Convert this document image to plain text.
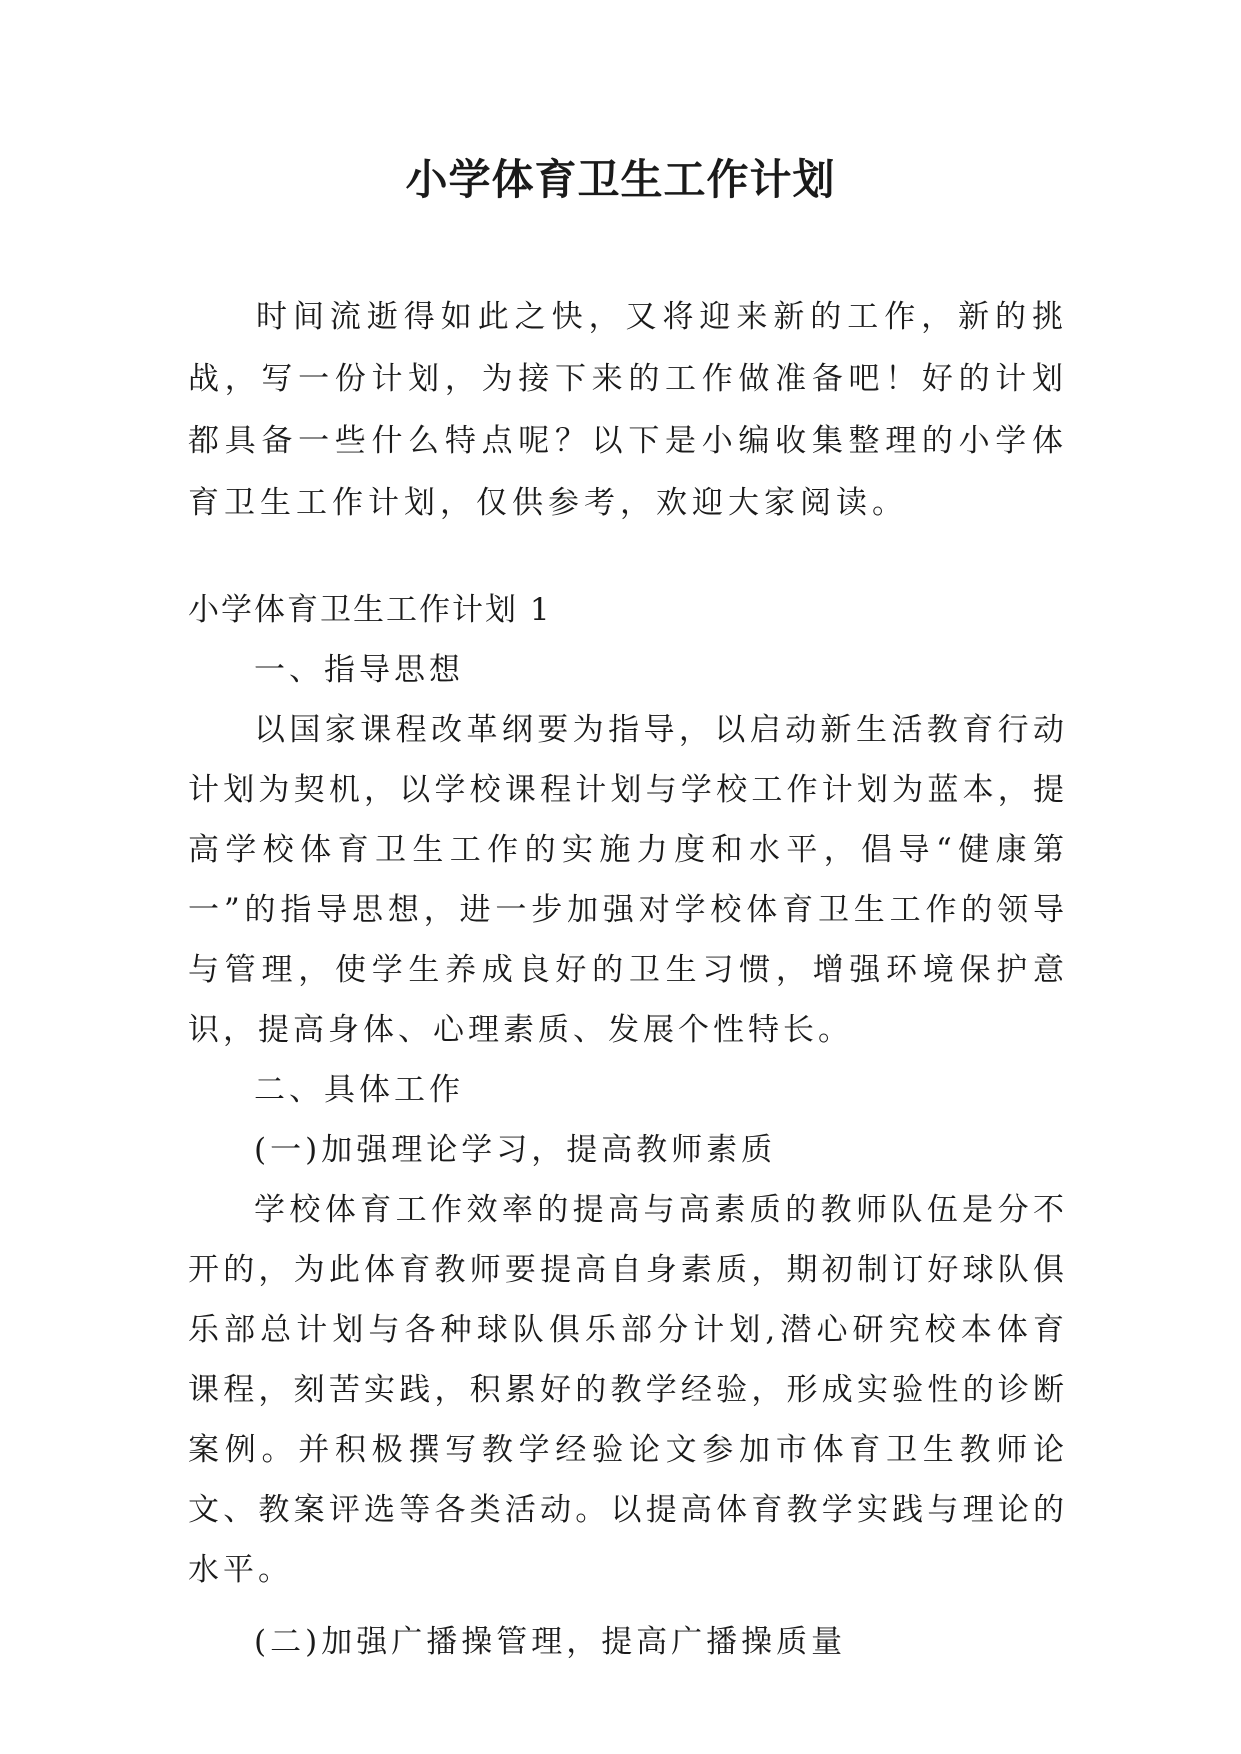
小学体育卫生工作计划
时间流逝得如此之快，又将迎来新的工作，新的挑战，写一份计划，为接下来的工作做准备吧！好的计划都具备一些什么特点呢？以下是小编收集整理的小学体育卫生工作计划，仅供参考，欢迎大家阅读。

小学体育卫生工作计划 1

一、指导思想

以国家课程改革纲要为指导，以启动新生活教育行动计划为契机，以学校课程计划与学校工作计划为蓝本，提高学校体育卫生工作的实施力度和水平，倡导“健康第一”的指导思想，进一步加强对学校体育卫生工作的领导与管理，使学生养成良好的卫生习惯，增强环境保护意识，提高身体、心理素质、发展个性特长。

二、具体工作

(一)加强理论学习，提高教师素质

学校体育工作效率的提高与高素质的教师队伍是分不开的，为此体育教师要提高自身素质，期初制订好球队俱乐部总计划与各种球队俱乐部分计划,潜心研究校本体育课程，刻苦实践，积累好的教学经验，形成实验性的诊断案例。并积极撰写教学经验论文参加市体育卫生教师论文、教案评选等各类活动。以提高体育教学实践与理论的水平。

(二)加强广播操管理，提高广播操质量
